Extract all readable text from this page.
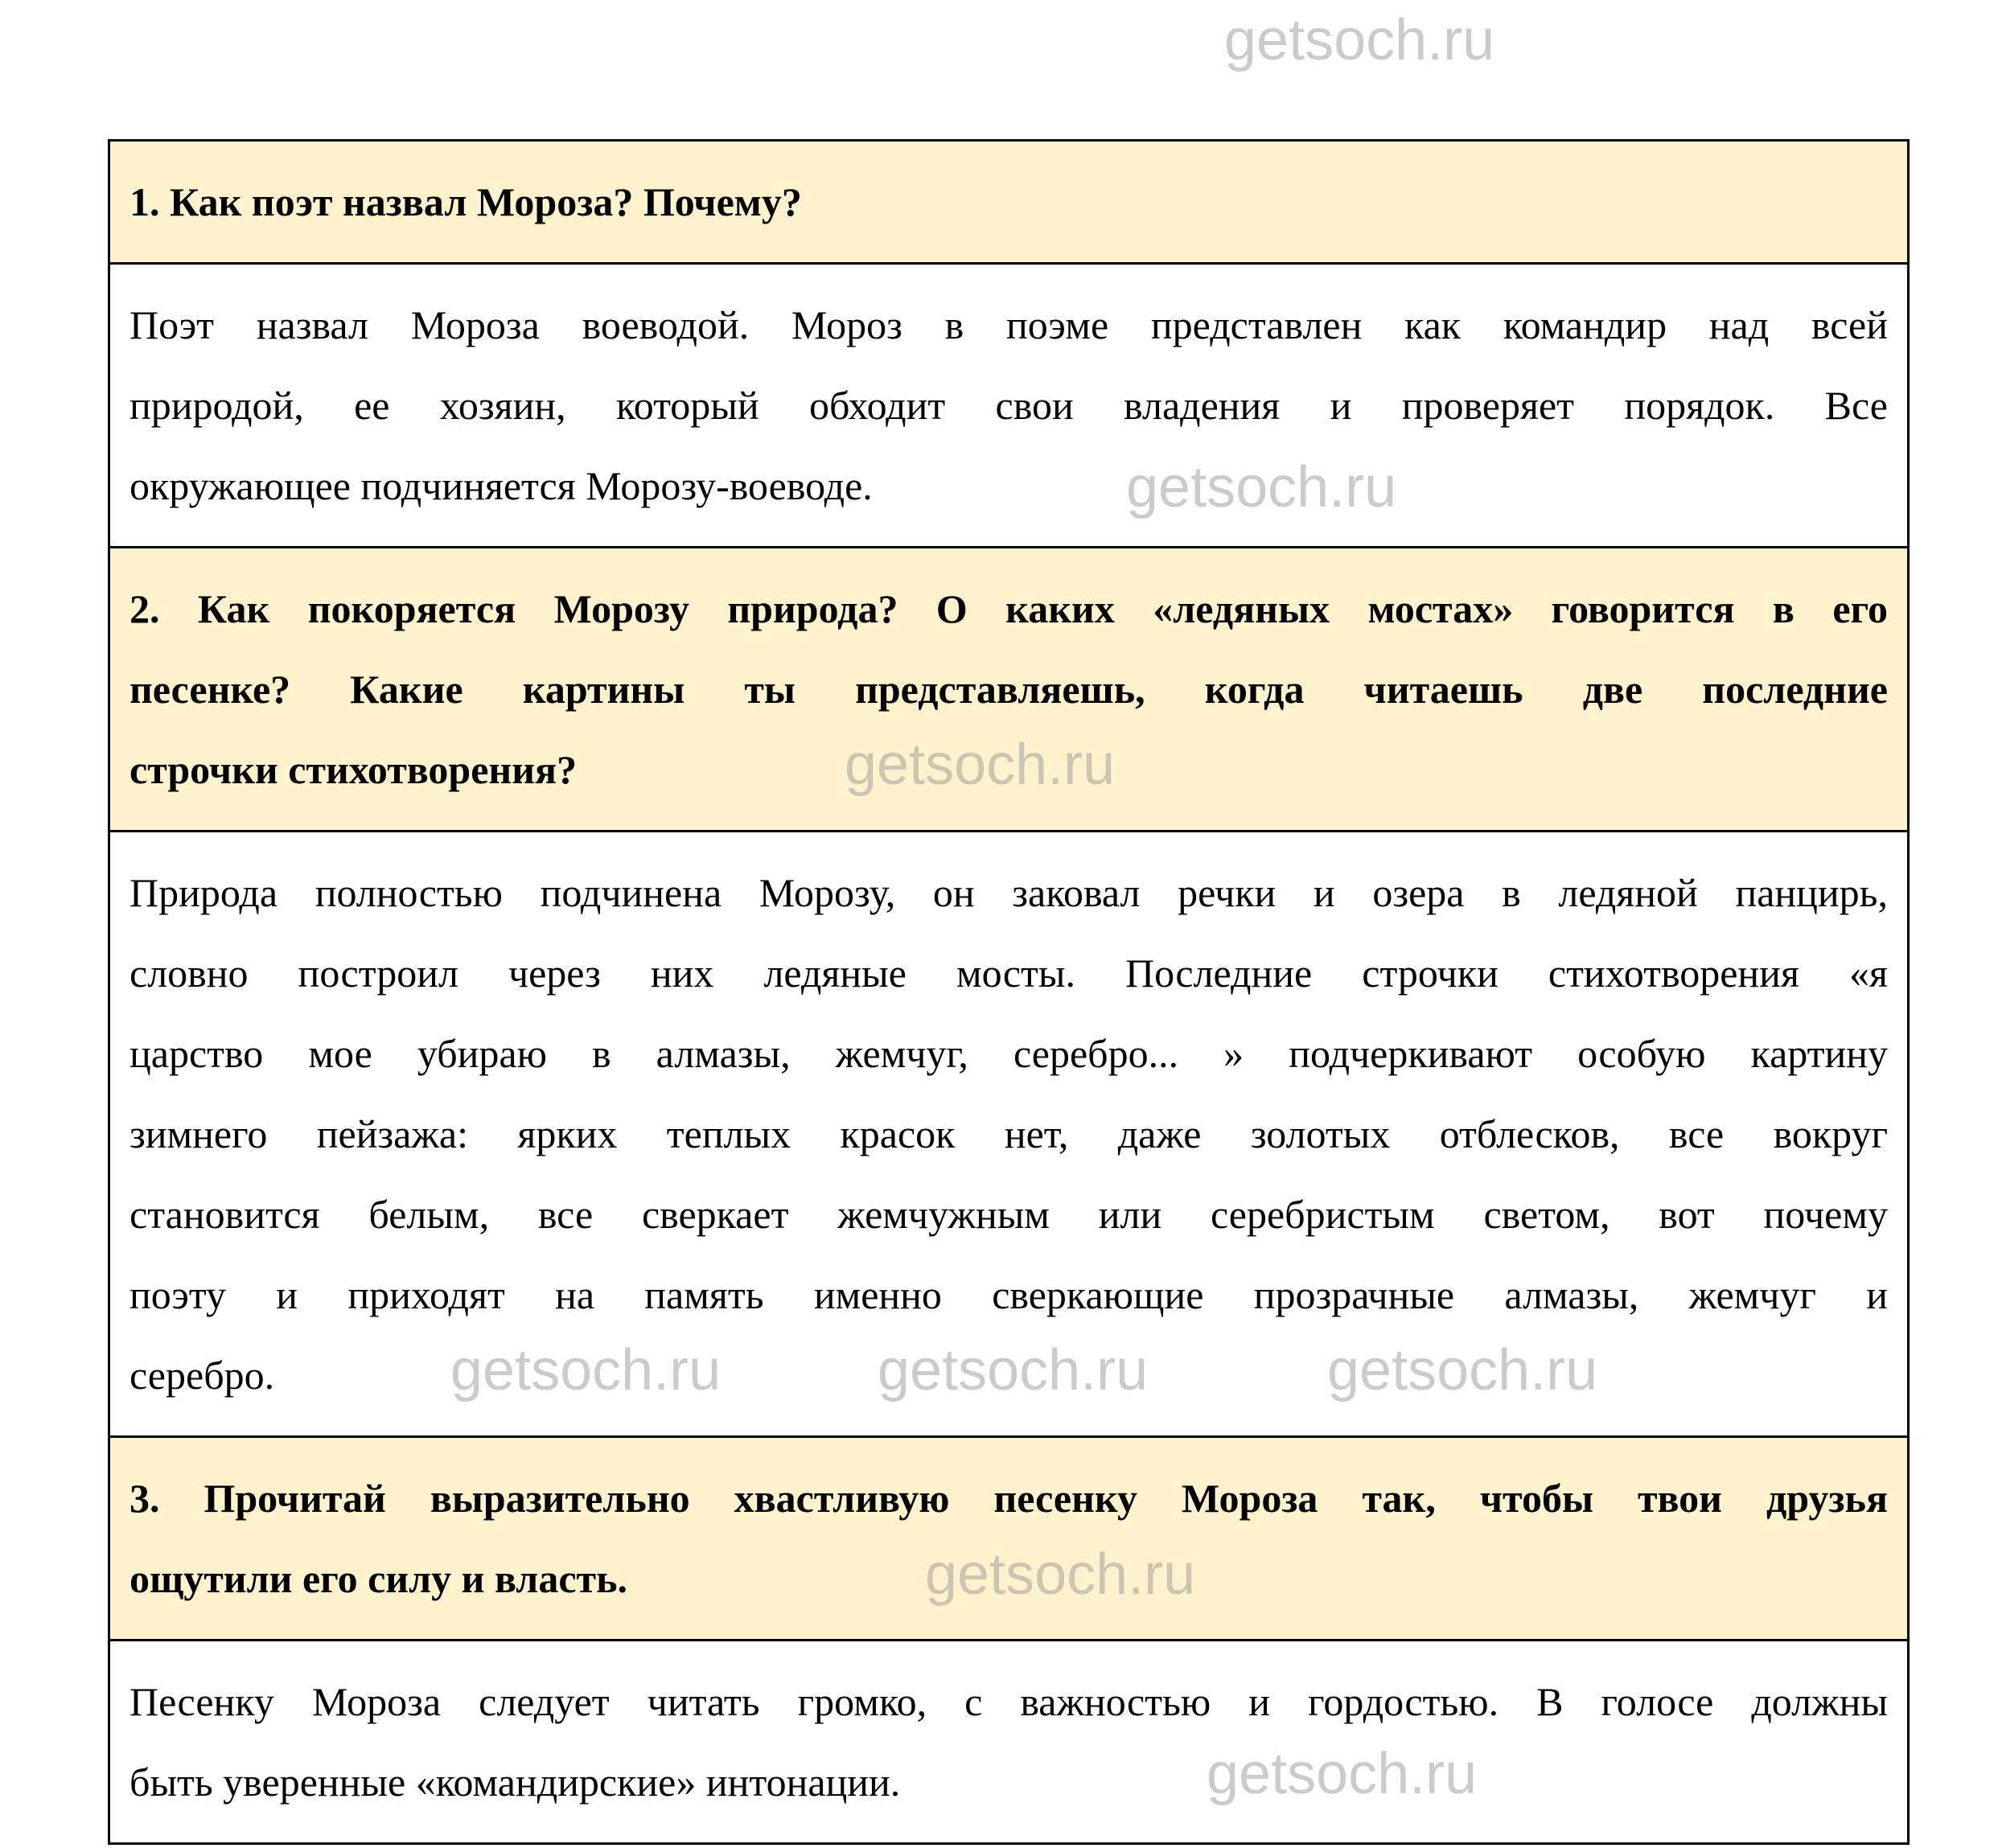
getsoch.ru
getsoch.ru
getsoch.ru
getsoch.ru	getsoch.ru	getsoch.ru
getsoch.ru
getsoch.ru
1. Как поэт назвал Мороза? Почему?

Поэт назвал Мороза воеводой. Мороз в поэме представлен как командир над всей
природой, ее хозяин, который обходит свои владения и проверяет порядок. Все
окружающее подчиняется Морозу-воеводе.

2. Как покоряется Морозу природа? О каких «ледяных мостах» говорится в его
песенке? Какие картины ты представляешь, когда читаешь две последние
строчки стихотворения?

Природа полностью подчинена Морозу, он заковал речки и озера в ледяной панцирь,
словно построил через них ледяные мосты. Последние строчки стихотворения «я
царство мое убираю в алмазы, жемчуг, серебро... » подчеркивают особую картину
зимнего пейзажа: ярких теплых красок нет, даже золотых отблесков, все вокруг
становится белым, все сверкает жемчужным или серебристым светом, вот почему
поэту и приходят на память именно сверкающие прозрачные алмазы, жемчуг и
серебро.

3. Прочитай выразительно хвастливую песенку Мороза так, чтобы твои друзья
ощутили его силу и власть.

Песенку Мороза следует читать громко, с важностью и гордостью. В голосе должны
быть уверенные «командирские» интонации.
